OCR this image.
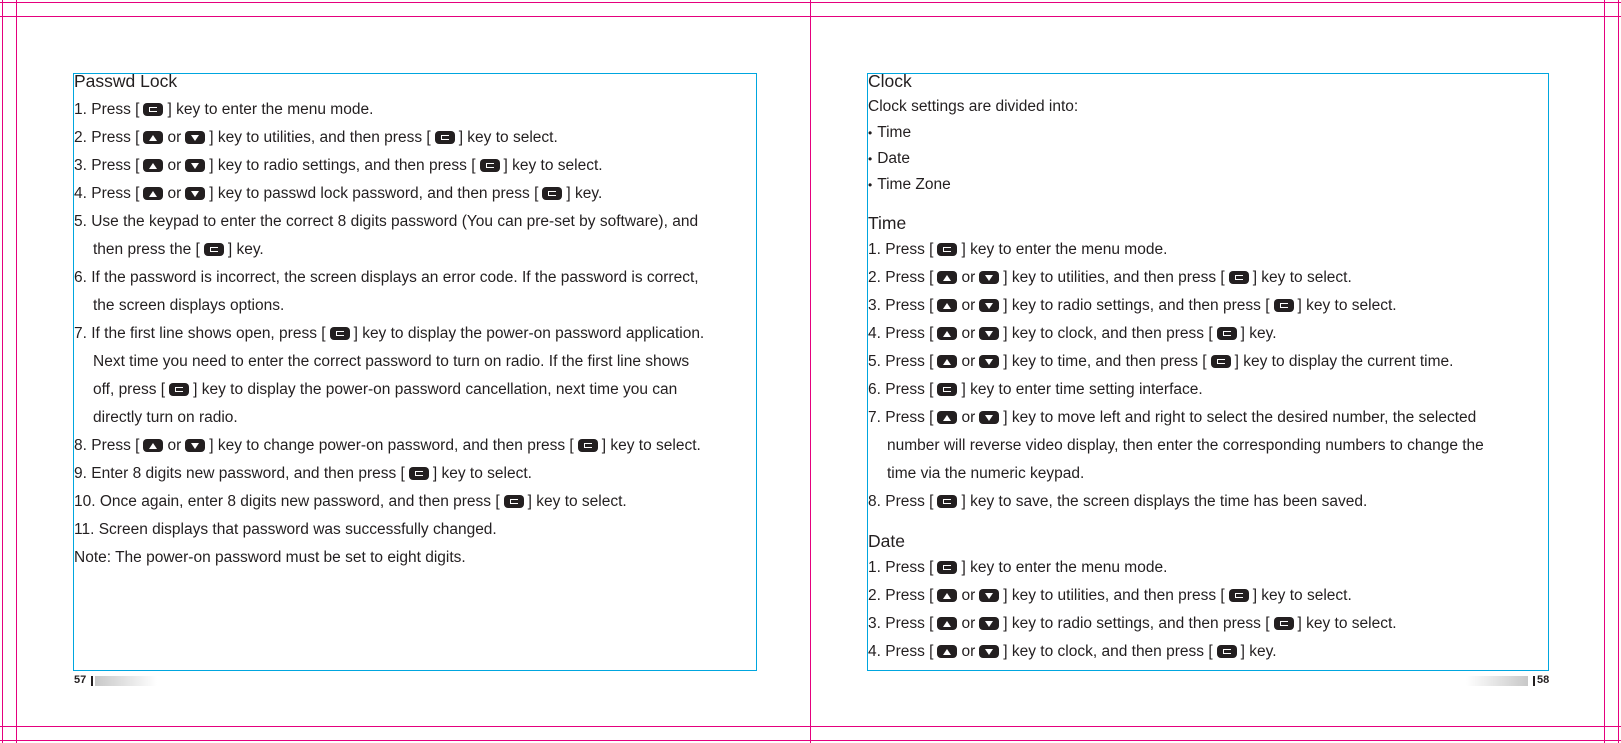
Passwd Lock
1. Press [ ] key to enter the menu mode.
2. Press [ or ] key to utilities, and then press [ ] key to select.
3. Press [ or ] key to radio settings, and then press [ ] key to select.
4. Press [ or ] key to passwd lock password, and then press [ ] key.
5. Use the keypad to enter the correct 8 digits password (You can pre-set by software), and
then press the [ ] key.
6. If the password is incorrect, the screen displays an error code. If the password is correct,
the screen displays options.
7. If the first line shows open, press [ ] key to display the power-on password application.
Next time you need to enter the correct password to turn on radio. If the first line shows
off, press [ ] key to display the power-on password cancellation, next time you can
directly turn on radio.
8. Press [ or ] key to change power-on password, and then press [ ] key to select.
9. Enter 8 digits new password, and then press [ ] key to select.
10. Once again, enter 8 digits new password, and then press [ ] key to select.
11. Screen displays that password was successfully changed.
Note: The power-on password must be set to eight digits.
57
Clock
Clock settings are divided into:
• Time
• Date
• Time Zone
Time
1. Press [ ] key to enter the menu mode.
2. Press [ or ] key to utilities, and then press [ ] key to select.
3. Press [ or ] key to radio settings, and then press [ ] key to select.
4. Press [ or ] key to clock, and then press [ ] key.
5. Press [ or ] key to time, and then press [ ] key to display the current time.
6. Press [ ] key to enter time setting interface.
7. Press [ or ] key to move left and right to select the desired number, the selected
number will reverse video display, then enter the corresponding numbers to change the
time via the numeric keypad.
8. Press [ ] key to save, the screen displays the time has been saved.
Date
1. Press [ ] key to enter the menu mode.
2. Press [ or ] key to utilities, and then press [ ] key to select.
3. Press [ or ] key to radio settings, and then press [ ] key to select.
4. Press [ or ] key to clock, and then press [ ] key.
58
